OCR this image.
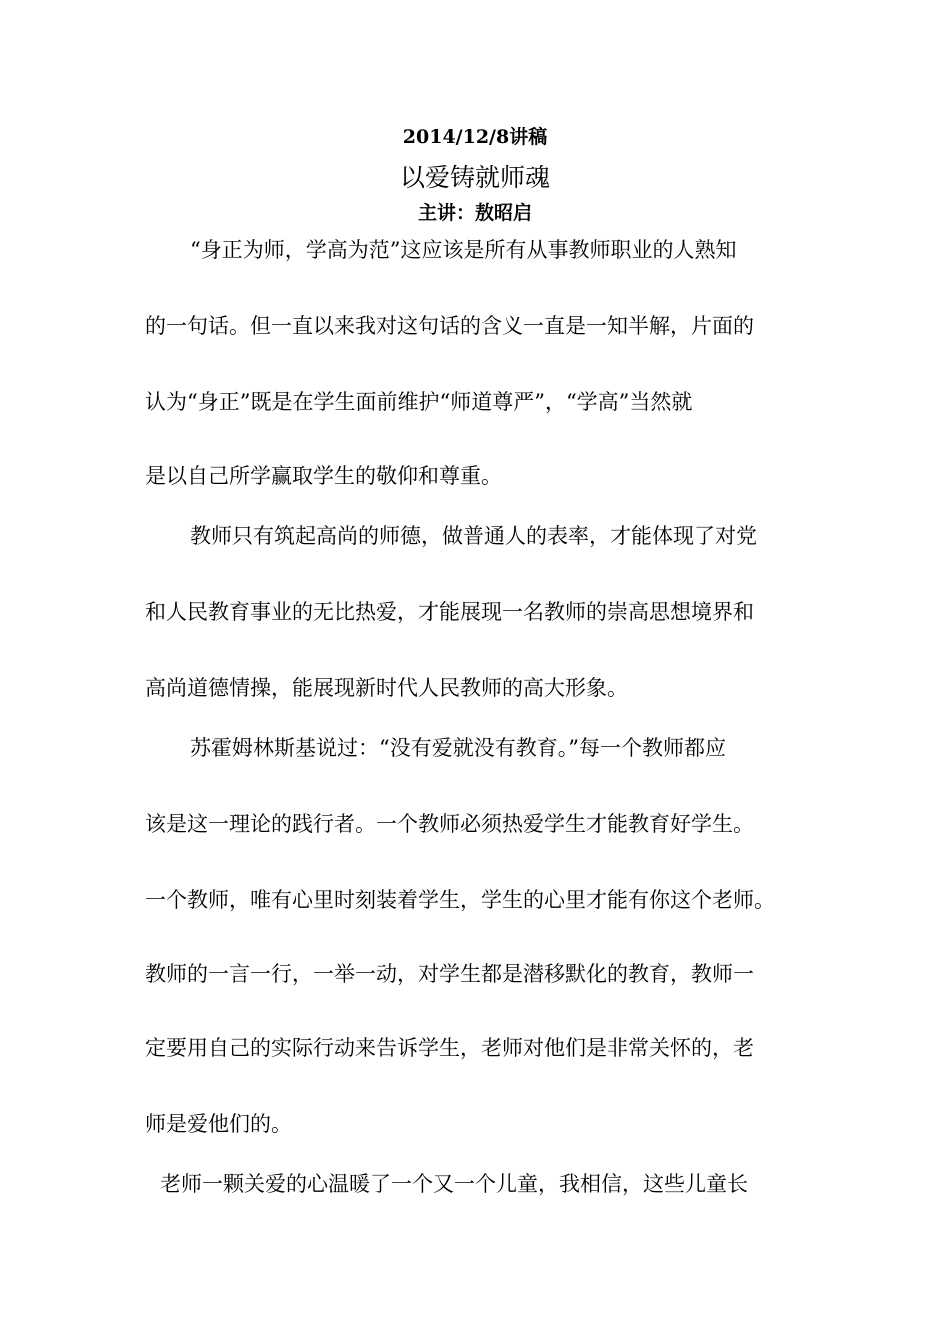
2014/12/8讲稿
以爱铸就师魂
主讲：敖昭启
“身正为师，学高为范”这应该是所有从事教师职业的人熟知
的一句话。但一直以来我对这句话的含义一直是一知半解，片面的
认为“身正”既是在学生面前维护“师道尊严”，“学高”当然就
是以自己所学赢取学生的敬仰和尊重。
教师只有筑起高尚的师德，做普通人的表率，才能体现了对党
和人民教育事业的无比热爱，才能展现一名教师的崇高思想境界和
高尚道德情操，能展现新时代人民教师的高大形象。
苏霍姆林斯基说过：“没有爱就没有教育。”每一个教师都应
该是这一理论的践行者。一个教师必须热爱学生才能教育好学生。
一个教师，唯有心里时刻装着学生，学生的心里才能有你这个老师。
教师的一言一行，一举一动，对学生都是潜移默化的教育，教师一
定要用自己的实际行动来告诉学生，老师对他们是非常关怀的，老
师是爱他们的。
老师一颗关爱的心温暖了一个又一个儿童，我相信，这些儿童长
